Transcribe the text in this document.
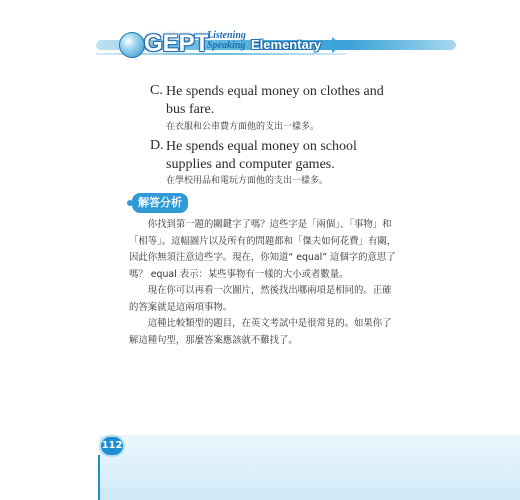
GEPT
Listening
Speaking Elementary
C. He spends equal money on clothes and bus fare.
在衣服和公車費方面他的支出一樣多。
D. He spends equal money on school supplies and computer games.
在學校用品和電玩方面他的支出一樣多。
解答分析
　　你找到第一題的關鍵字了嗎？這些字是「兩個」、「事物」和「相等」。這幅圖片以及所有的問題都和「傑夫如何花費」有關，因此你無須注意這些字。現在，你知道“ equal” 這個字的意思了嗎？ equal 表示：某些事物有一樣的大小或者數量。
　　現在你可以再看一次圖片，然後找出哪兩項是相同的。正確的答案就是這兩項事物。
　　這種比較類型的題目，在英文考試中是很常見的。如果你了解這種句型，那麼答案應該就不難找了。
112
